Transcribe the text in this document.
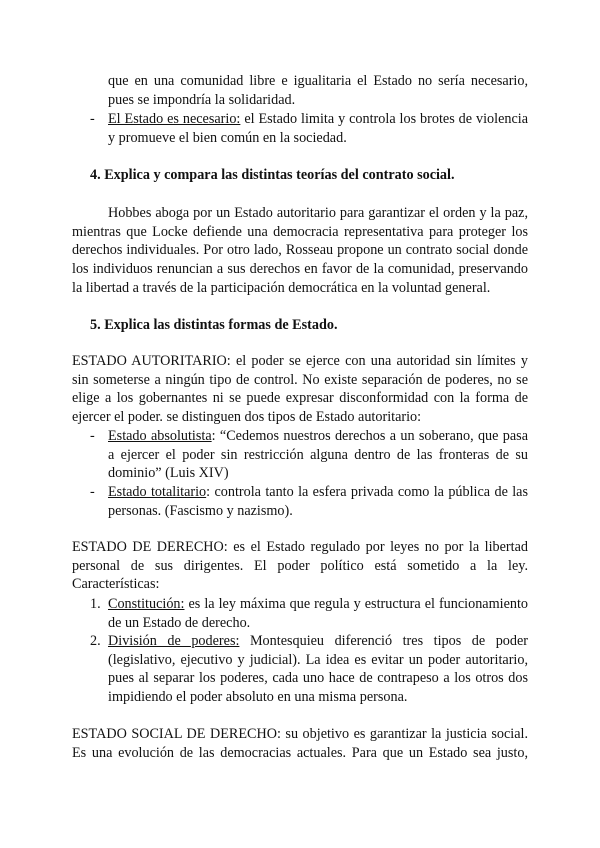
que en una comunidad libre e igualitaria el Estado no sería necesario,
pues se impondría la solidaridad.
- El Estado es necesario: el Estado limita y controla los brotes de violencia
y promueve el bien común en la sociedad.
4. Explica y compara las distintas teorías del contrato social.
Hobbes aboga por un Estado autoritario para garantizar el orden y la paz, mientras que Locke defiende una democracia representativa para proteger los derechos individuales. Por otro lado, Rosseau propone un contrato social donde los individuos renuncian a sus derechos en favor de la comunidad, preservando la libertad a través de la participación democrática en la voluntad general.
5. Explica las distintas formas de Estado.
ESTADO AUTORITARIO: el poder se ejerce con una autoridad sin límites y sin someterse a ningún tipo de control. No existe separación de poderes, no se elige a los gobernantes ni se puede expresar disconformidad con la forma de ejercer el poder. se distinguen dos tipos de Estado autoritario:
- Estado absolutista: “Cedemos nuestros derechos a un soberano, que pasa a ejercer el poder sin restricción alguna dentro de las fronteras de su dominio” (Luis XIV)
- Estado totalitario: controla tanto la esfera privada como la pública de las personas. (Fascismo y nazismo).
ESTADO DE DERECHO: es el Estado regulado por leyes no por la libertad personal de sus dirigentes. El poder político está sometido a la ley. Características:
1. Constitución: es la ley máxima que regula y estructura el funcionamiento de un Estado de derecho.
2. División de poderes: Montesquieu diferenció tres tipos de poder (legislativo, ejecutivo y judicial). La idea es evitar un poder autoritario, pues al separar los poderes, cada uno hace de contrapeso a los otros dos impidiendo el poder absoluto en una misma persona.
ESTADO SOCIAL DE DERECHO: su objetivo es garantizar la justicia social. Es una evolución de las democracias actuales. Para que un Estado sea justo,
